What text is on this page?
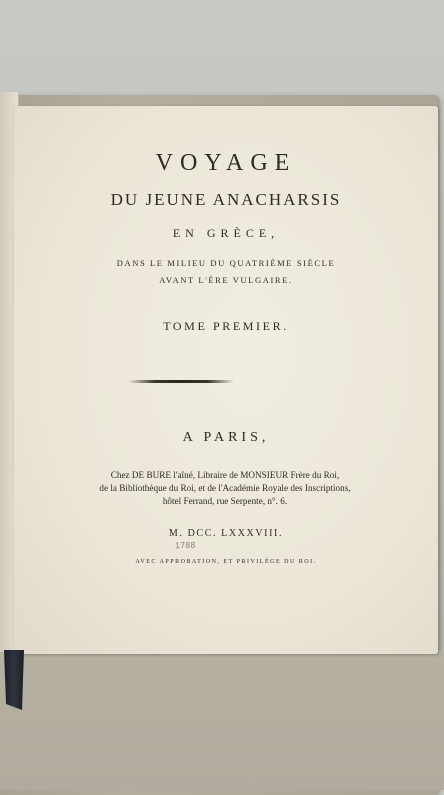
VOYAGE
DU JEUNE ANACHARSIS
EN GRÈCE,
DANS LE MILIEU DU QUATRIÈME SIÈCLE
AVANT L'ÈRE VULGAIRE.
TOME PREMIER.
A PARIS,
Chez DE BURE l'aîné, Libraire de MONSIEUR Frère du Roi,
de la Bibliothèque du Roi, et de l'Académie Royale des Inscriptions,
hôtel Ferrand, rue Serpente, n°. 6.
M. DCC. LXXXVIII.
1788
AVEC APPROBATION, ET PRIVILÈGE DU ROI.
